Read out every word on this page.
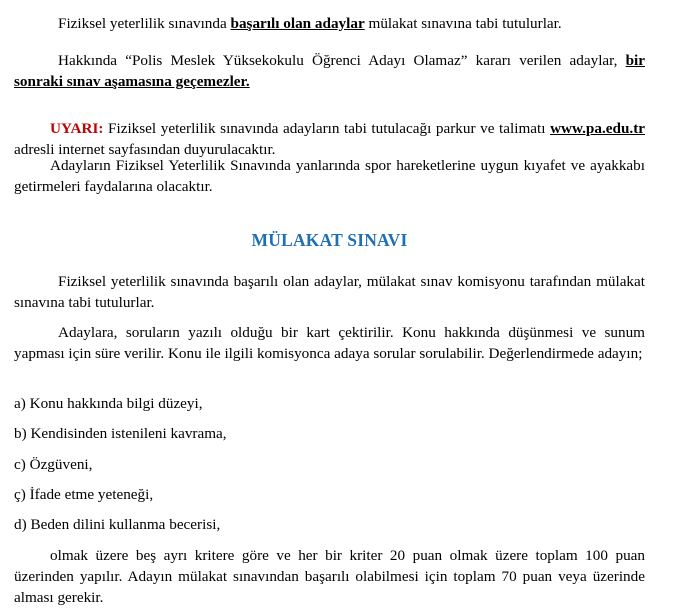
Fiziksel yeterlilik sınavında başarılı olan adaylar mülakat sınavına tabi tutulurlar.

Hakkında “Polis Meslek Yüksekokulu Öğrenci Adayı Olamaz” kararı verilen adaylar, bir sonraki sınav aşamasına geçemezler.

UYARI: Fiziksel yeterlilik sınavında adayların tabi tutulacağı parkur ve talimatı www.pa.edu.tr adresli internet sayfasından duyurulacaktır.

Adayların Fiziksel Yeterlilik Sınavında yanlarında spor hareketlerine uygun kıyafet ve ayakkabı getirmeleri faydalarına olacaktır.

MÜLAKAT SINAVI

Fiziksel yeterlilik sınavında başarılı olan adaylar, mülakat sınav komisyonu tarafından mülakat sınavına tabi tutulurlar.

Adaylara, soruların yazılı olduğu bir kart çektirilir. Konu hakkında düşünmesi ve sunum yapması için süre verilir. Konu ile ilgili komisyonca adaya sorular sorulabilir. Değerlendirmede adayın;

a) Konu hakkında bilgi düzeyi,

b) Kendisinden istenileni kavrama,

c) Özgüveni,

ç) İfade etme yeteneği,

d) Beden dilini kullanma becerisi,

olmak üzere beş ayrı kritere göre ve her bir kriter 20 puan olmak üzere toplam 100 puan üzerinden yapılır. Adayın mülakat sınavından başarılı olabilmesi için toplam 70 puan veya üzerinde alması gerekir.
